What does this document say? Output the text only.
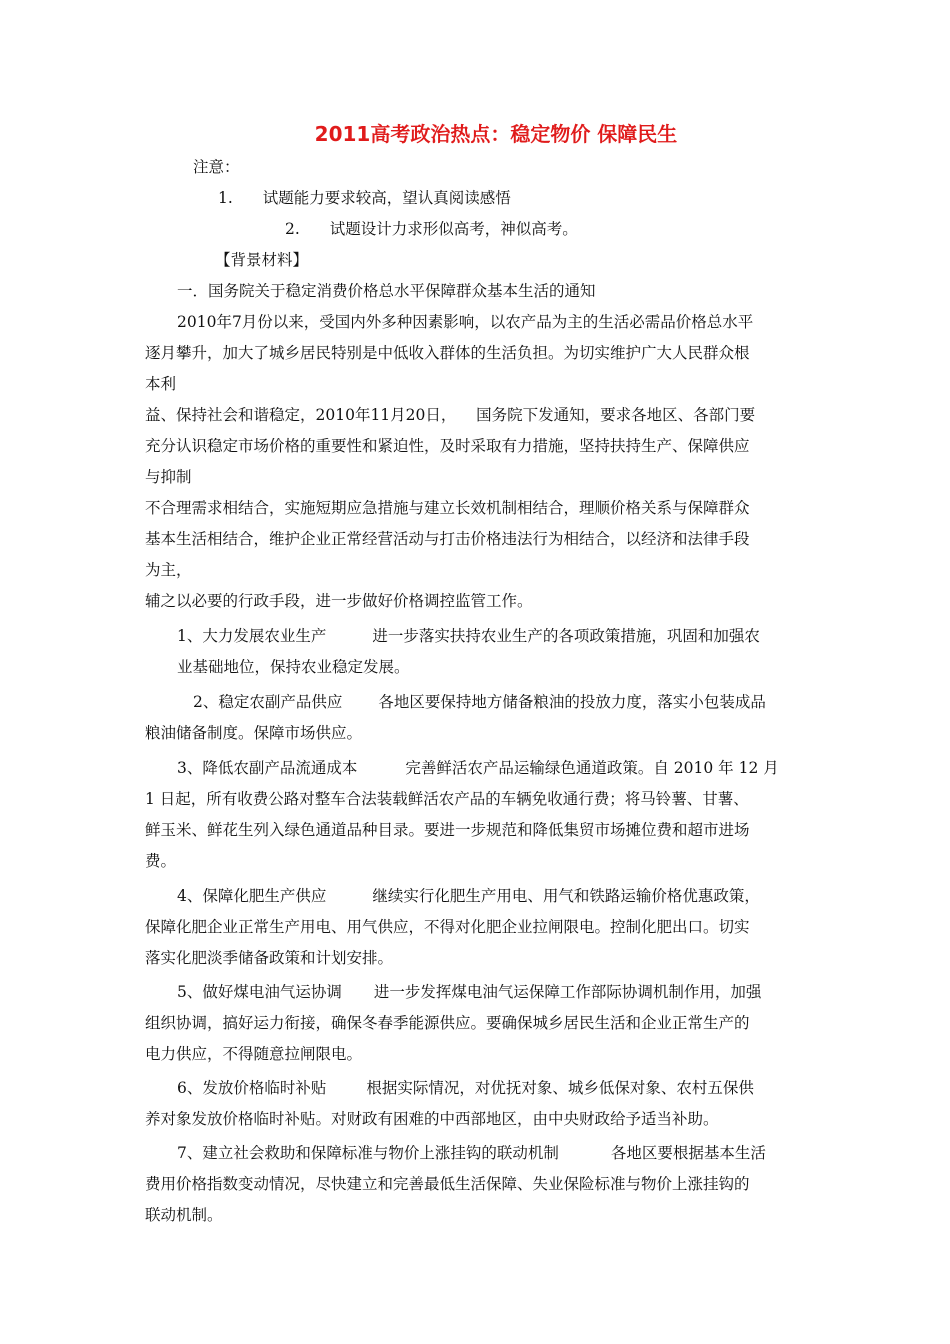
2011高考政治热点：稳定物价 保障民生
注意：
1. 试题能力要求较高，望认真阅读感悟
2. 试题设计力求形似高考，神似高考。
【背景材料】
一．国务院关于稳定消费价格总水平保障群众基本生活的通知
2010年7月份以来，受国内外多种因素影响，以农产品为主的生活必需品价格总水平
逐月攀升，加大了城乡居民特别是中低收入群体的生活负担。为切实维护广大人民群众根
本利
益、保持社会和谐稳定，2010年11月20日，    国务院下发通知，要求各地区、各部门要
充分认识稳定市场价格的重要性和紧迫性，及时采取有力措施，坚持扶持生产、保障供应
与抑制
不合理需求相结合，实施短期应急措施与建立长效机制相结合，理顺价格关系与保障群众
基本生活相结合，维护企业正常经营活动与打击价格违法行为相结合，以经济和法律手段
为主，
辅之以必要的行政手段，进一步做好价格调控监管工作。
1、大力发展农业生产	进一步落实扶持农业生产的各项政策措施，巩固和加强农
业基础地位，保持农业稳定发展。
2、稳定农副产品供应 各地区要保持地方储备粮油的投放力度，落实小包装成品
粮油储备制度。保障市场供应。
3、降低农副产品流通成本	完善鲜活农产品运输绿色通道政策。自 2010 年 12 月
1 日起，所有收费公路对整车合法装载鲜活农产品的车辆免收通行费；将马铃薯、甘薯、
鲜玉米、鲜花生列入绿色通道品种目录。要进一步规范和降低集贸市场摊位费和超市进场
费。
4、保障化肥生产供应	继续实行化肥生产用电、用气和铁路运输价格优惠政策，
保障化肥企业正常生产用电、用气供应，不得对化肥企业拉闸限电。控制化肥出口。切实
落实化肥淡季储备政策和计划安排。
5、做好煤电油气运协调 进一步发挥煤电油气运保障工作部际协调机制作用，加强
组织协调，搞好运力衔接，确保冬春季能源供应。要确保城乡居民生活和企业正常生产的
电力供应，不得随意拉闸限电。
6、发放价格临时补贴	根据实际情况，对优抚对象、城乡低保对象、农村五保供
养对象发放价格临时补贴。对财政有困难的中西部地区，由中央财政给予适当补助。
7、建立社会救助和保障标准与物价上涨挂钩的联动机制	各地区要根据基本生活
费用价格指数变动情况，尽快建立和完善最低生活保障、失业保险标准与物价上涨挂钩的
联动机制。
